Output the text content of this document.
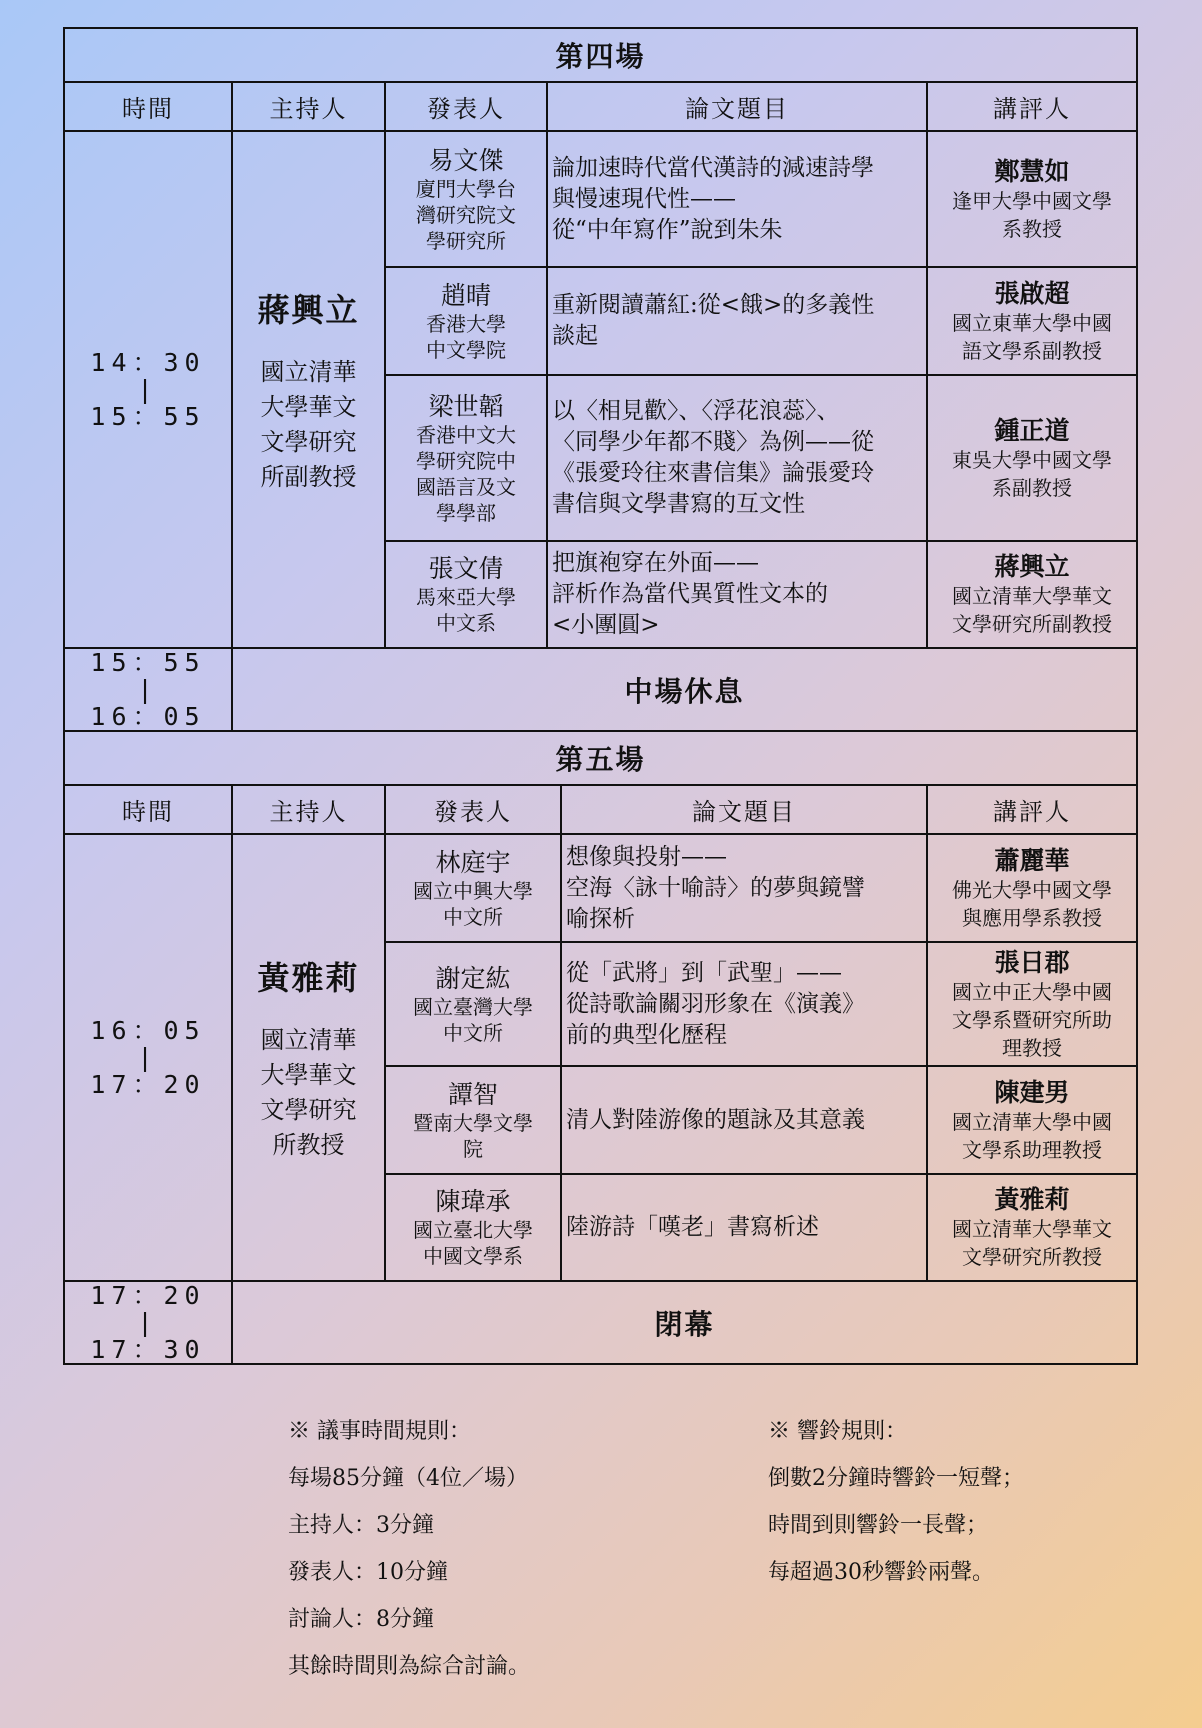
第四場				
時間	主持人	發表人	論文題目	講評人

14：30
|
15：55	蔣興立
國立清華
大學華文
文學研究
所副教授	易文傑
廈門大學台
灣研究院文
學研究所	論加速時代當代漢詩的減速詩學
與慢速現代性——
從“中年寫作”說到朱朱	鄭慧如
逢甲大學中國文學
系教授

		趙晴
香港大學
中文學院	重新閱讀蕭紅:從<餓>的多義性
談起	張啟超
國立東華大學中國
語文學系副教授

		梁世韜
香港中文大
學研究院中
國語言及文
學學部	以〈相見歡〉、〈浮花浪蕊〉、
〈同學少年都不賤〉為例——從
《張愛玲往來書信集》論張愛玲
書信與文學書寫的互文性	鍾正道
東吳大學中國文學
系副教授

		張文倩
馬來亞大學
中文系	把旗袍穿在外面——
評析作為當代異質性文本的
<小團圓>	蔣興立
國立清華大學華文
文學研究所副教授

15：55
|
16：05	中場休息			
第五場				
時間	主持人	發表人	論文題目	講評人

16：05
|
17：20	黃雅莉
國立清華
大學華文
文學研究
所教授	林庭宇
國立中興大學
中文所	想像與投射——
空海〈詠十喻詩〉的夢與鏡譬
喻探析	蕭麗華
佛光大學中國文學
與應用學系教授

		謝定紘
國立臺灣大學
中文所	從「武將」到「武聖」——
從詩歌論關羽形象在《演義》
前的典型化歷程	張日郡
國立中正大學中國
文學系暨研究所助
理教授

		譚智
暨南大學文學
院	清人對陸游像的題詠及其意義	陳建男
國立清華大學中國
文學系助理教授

		陳瑋承
國立臺北大學
中國文學系	陸游詩「嘆老」書寫析述	黃雅莉
國立清華大學華文
文學研究所教授

17：20
|
17：30	閉幕			
※ 議事時間規則：
每場85分鐘（4位／場）
主持人：3分鐘
發表人：10分鐘
討論人：8分鐘
其餘時間則為綜合討論。
※ 響鈴規則：
倒數2分鐘時響鈴一短聲；
時間到則響鈴一長聲；
每超過30秒響鈴兩聲。
